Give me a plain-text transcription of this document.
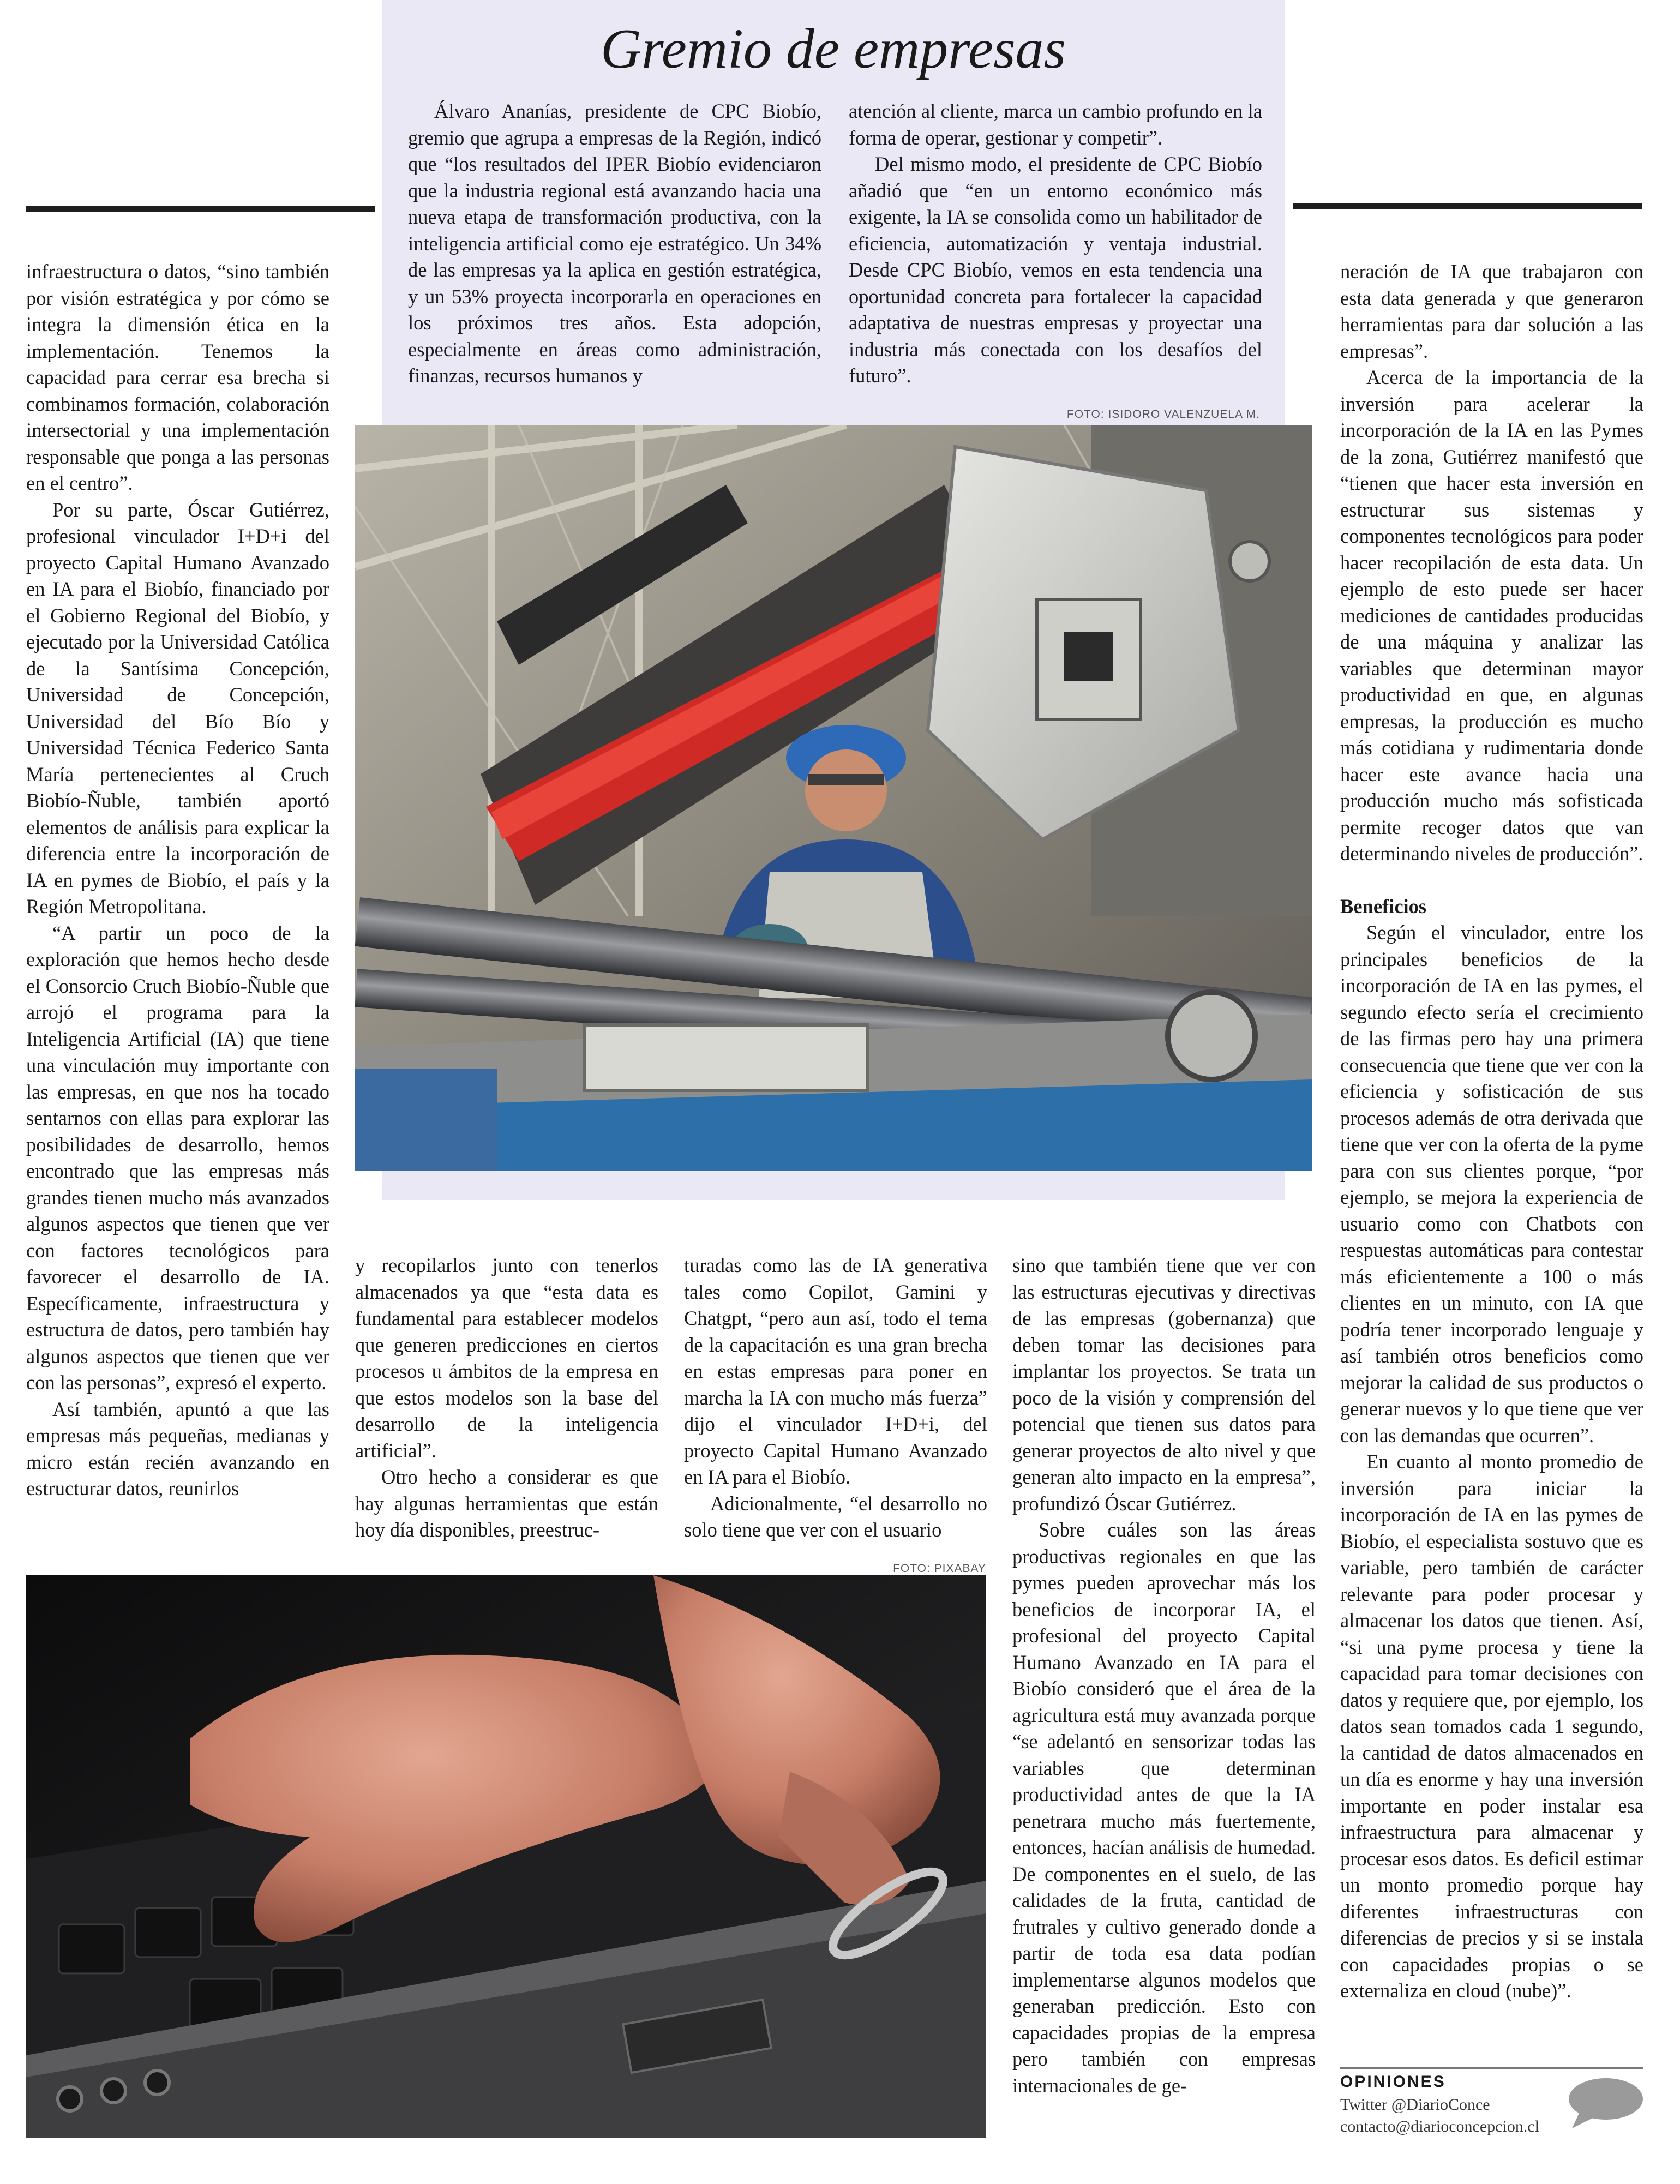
Gremio de empresas

Álvaro Ananías, presidente de CPC Biobío, gremio que agrupa a empresas de la Región, indicó que “los resultados del IPER Biobío evidenciaron que la industria regional está avanzando hacia una nueva etapa de transformación productiva, con la inteligencia artificial como eje estratégico. Un 34% de las empresas ya la aplica en gestión estratégica, y un 53% proyecta incorporarla en operaciones en los próximos tres años. Esta adopción, especialmente en áreas como administración, finanzas, recursos humanos y

atención al cliente, marca un cambio profundo en la forma de operar, gestionar y competir”.

Del mismo modo, el presidente de CPC Biobío añadió que “en un entorno económico más exigente, la IA se consolida como un habilitador de eficiencia, automatización y ventaja industrial. Desde CPC Biobío, vemos en esta tendencia una oportunidad concreta para fortalecer la capacidad adaptativa de nuestras empresas y proyectar una industria más conectada con los desafíos del futuro”.

FOTO: ISIDORO VALENZUELA M.

infraestructura o datos, “sino también por visión estratégica y por cómo se integra la dimensión ética en la implementación. Tenemos la capacidad para cerrar esa brecha si combinamos formación, colaboración intersectorial y una implementación responsable que ponga a las personas en el centro”.

Por su parte, Óscar Gutiérrez, profesional vinculador I+D+i del proyecto Capital Humano Avanzado en IA para el Biobío, financiado por el Gobierno Regional del Biobío, y ejecutado por la Universidad Católica de la Santísima Concepción, Universidad de Concepción, Universidad del Bío Bío y Universidad Técnica Federico Santa María pertenecientes al Cruch Biobío-Ñuble, también aportó elementos de análisis para explicar la diferencia entre la incorporación de IA en pymes de Biobío, el país y la Región Metropolitana.

“A partir un poco de la exploración que hemos hecho desde el Consorcio Cruch Biobío-Ñuble que arrojó el programa para la Inteligencia Artificial (IA) que tiene una vinculación muy importante con las empresas, en que nos ha tocado sentarnos con ellas para explorar las posibilidades de desarrollo, hemos encontrado que las empresas más grandes tienen mucho más avanzados algunos aspectos que tienen que ver con factores tecnológicos para favorecer el desarrollo de IA. Específicamente, infraestructura y estructura de datos, pero también hay algunos aspectos que tienen que ver con las personas”, expresó el experto.

Así también, apuntó a que las empresas más pequeñas, medianas y micro están recién avanzando en estructurar datos, reunirlos

y recopilarlos junto con tenerlos almacenados ya que “esta data es fundamental para establecer modelos que generen predicciones en ciertos procesos u ámbitos de la empresa en que estos modelos son la base del desarrollo de la inteligencia artificial”.

Otro hecho a considerar es que hay algunas herramientas que están hoy día disponibles, preestruc-

turadas como las de IA generativa tales como Copilot, Gamini y Chatgpt, “pero aun así, todo el tema de la capacitación es una gran brecha en estas empresas para poner en marcha la IA con mucho más fuerza” dijo el vinculador I+D+i, del proyecto Capital Humano Avanzado en IA para el Biobío.

Adicionalmente, “el desarrollo no solo tiene que ver con el usuario

FOTO: PIXABAY

sino que también tiene que ver con las estructuras ejecutivas y directivas de las empresas (gobernanza) que deben tomar las decisiones para implantar los proyectos. Se trata un poco de la visión y comprensión del potencial que tienen sus datos para generar proyectos de alto nivel y que generan alto impacto en la empresa”, profundizó Óscar Gutiérrez.

Sobre cuáles son las áreas productivas regionales en que las pymes pueden aprovechar más los beneficios de incorporar IA, el profesional del proyecto Capital Humano Avanzado en IA para el Biobío consideró que el área de la agricultura está muy avanzada porque “se adelantó en sensorizar todas las variables que determinan productividad antes de que la IA penetrara mucho más fuertemente, entonces, hacían análisis de humedad. De componentes en el suelo, de las calidades de la fruta, cantidad de frutrales y cultivo generado donde a partir de toda esa data podían implementarse algunos modelos que generaban predicción. Esto con capacidades propias de la empresa pero también con empresas internacionales de ge-

neración de IA que trabajaron con esta data generada y que generaron herramientas para dar solución a las empresas”.

Acerca de la importancia de la inversión para acelerar la incorporación de la IA en las Pymes de la zona, Gutiérrez manifestó que “tienen que hacer esta inversión en estructurar sus sistemas y componentes tecnológicos para poder hacer recopilación de esta data. Un ejemplo de esto puede ser hacer mediciones de cantidades producidas de una máquina y analizar las variables que determinan mayor productividad en que, en algunas empresas, la producción es mucho más cotidiana y rudimentaria donde hacer este avance hacia una producción mucho más sofisticada permite recoger datos que van determinando niveles de producción”.

Beneficios

Según el vinculador, entre los principales beneficios de la incorporación de IA en las pymes, el segundo efecto sería el crecimiento de las firmas pero hay una primera consecuencia que tiene que ver con la eficiencia y sofisticación de sus procesos además de otra derivada que tiene que ver con la oferta de la pyme para con sus clientes porque, “por ejemplo, se mejora la experiencia de usuario como con Chatbots con respuestas automáticas para contestar más eficientemente a 100 o más clientes en un minuto, con IA que podría tener incorporado lenguaje y así también otros beneficios como mejorar la calidad de sus productos o generar nuevos y lo que tiene que ver con las demandas que ocurren”.

En cuanto al monto promedio de inversión para iniciar la incorporación de IA en las pymes de Biobío, el especialista sostuvo que es variable, pero también de carácter relevante para poder procesar y almacenar los datos que tienen. Así, “si una pyme procesa y tiene la capacidad para tomar decisiones con datos y requiere que, por ejemplo, los datos sean tomados cada 1 segundo, la cantidad de datos almacenados en un día es enorme y hay una inversión importante en poder instalar esa infraestructura para almacenar y procesar esos datos. Es deficil estimar un monto promedio porque hay diferentes infraestructuras con diferencias de precios y si se instala con capacidades propias o se externaliza en cloud (nube)”.

OPINIONES
Twitter @DiarioConce
contacto@diarioconcepcion.cl
